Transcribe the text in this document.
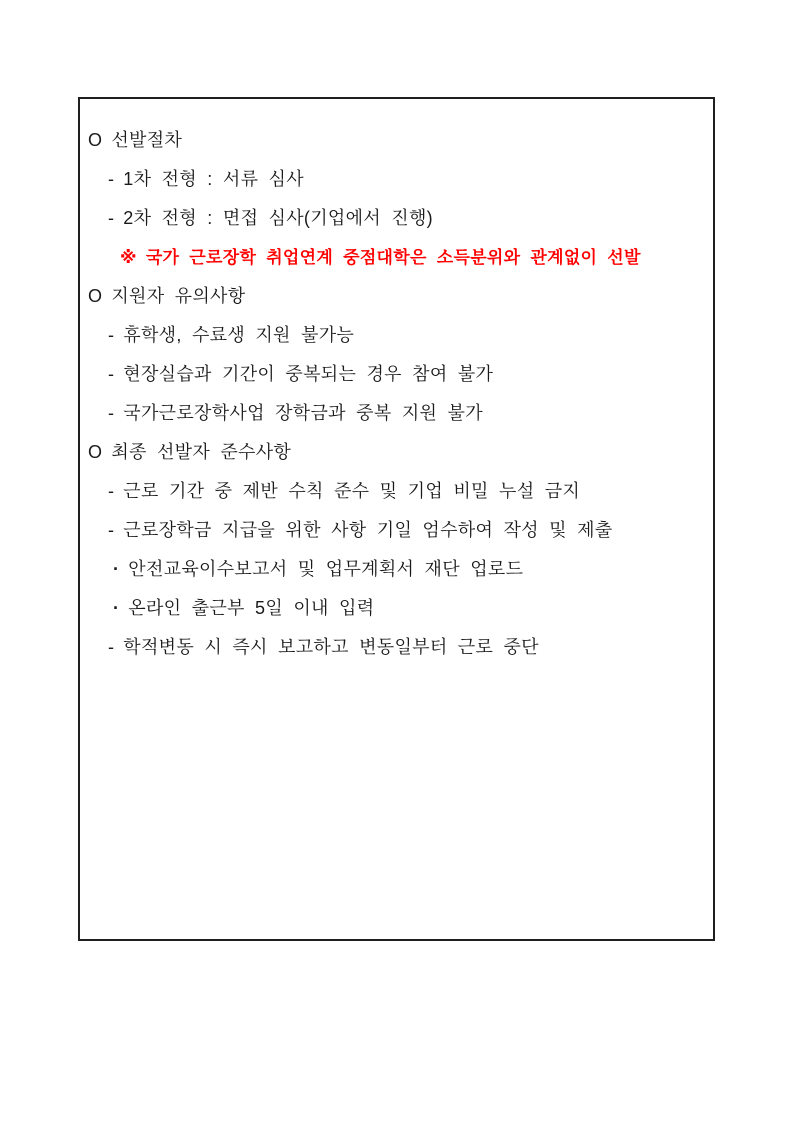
O 선발절차
- 1차 전형 : 서류 심사
- 2차 전형 : 면접 심사(기업에서 진행)
※ 국가 근로장학 취업연계 중점대학은 소득분위와 관계없이 선발
O 지원자 유의사항
- 휴학생, 수료생 지원 불가능
- 현장실습과 기간이 중복되는 경우 참여 불가
- 국가근로장학사업 장학금과 중복 지원 불가
O 최종 선발자 준수사항
- 근로 기간 중 제반 수칙 준수 및 기업 비밀 누설 금지
- 근로장학금 지급을 위한 사항 기일 엄수하여 작성 및 제출
· 안전교육이수보고서 및 업무계획서 재단 업로드
· 온라인 출근부 5일 이내 입력
- 학적변동 시 즉시 보고하고 변동일부터 근로 중단
